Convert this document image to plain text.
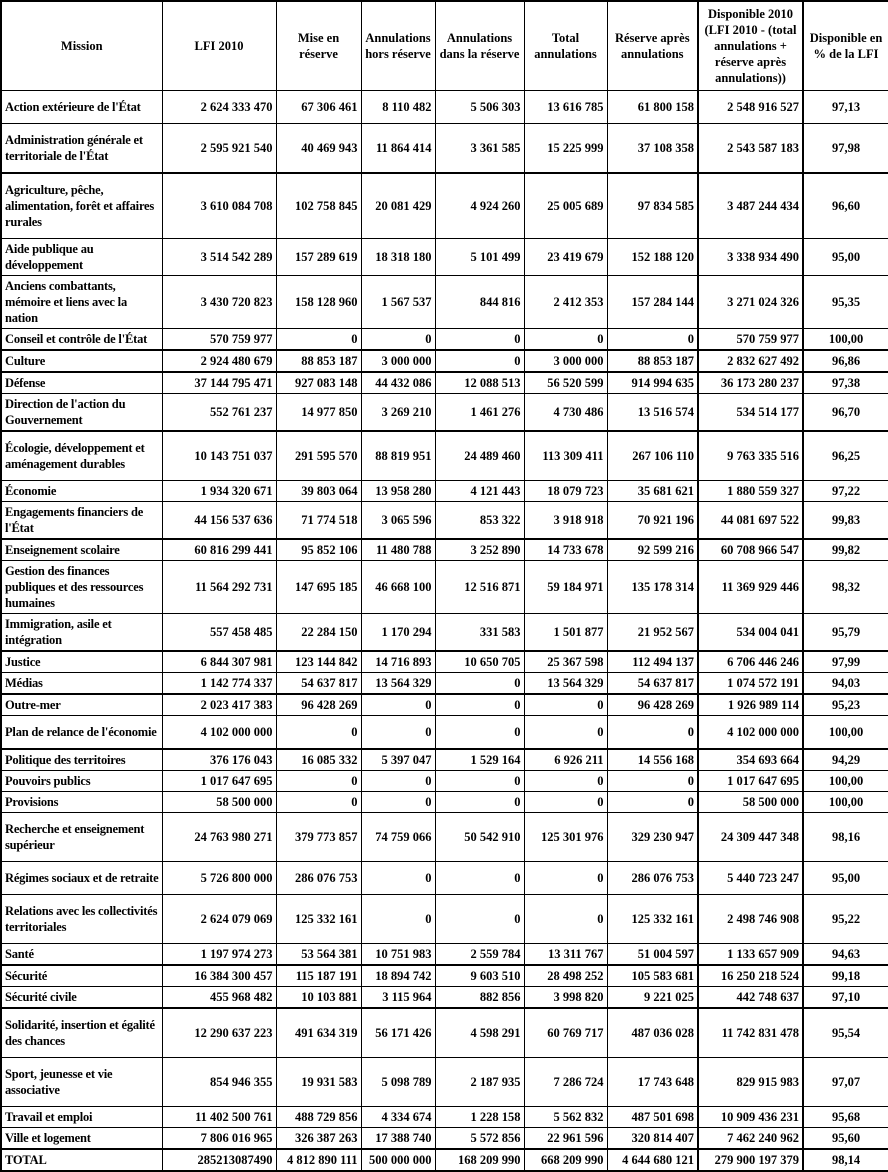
Mission	LFI 2010	Mise en réserve	Annulations hors réserve	Annulations dans la réserve	Total annulations	Réserve après annulations	Disponible 2010 (LFI 2010 - (total annulations + réserve après annulations))	Disponible en % de la LFI
Action extérieure de l'État	2 624 333 470	67 306 461	8 110 482	5 506 303	13 616 785	61 800 158	2 548 916 527	97,13
Administration générale et territoriale de l'État	2 595 921 540	40 469 943	11 864 414	3 361 585	15 225 999	37 108 358	2 543 587 183	97,98
Agriculture, pêche, alimentation, forêt et affaires rurales	3 610 084 708	102 758 845	20 081 429	4 924 260	25 005 689	97 834 585	3 487 244 434	96,60
Aide publique au développement	3 514 542 289	157 289 619	18 318 180	5 101 499	23 419 679	152 188 120	3 338 934 490	95,00
Anciens combattants, mémoire et liens avec la nation	3 430 720 823	158 128 960	1 567 537	844 816	2 412 353	157 284 144	3 271 024 326	95,35
Conseil et contrôle de l'État	570 759 977	0	0	0	0	0	570 759 977	100,00
Culture	2 924 480 679	88 853 187	3 000 000	0	3 000 000	88 853 187	2 832 627 492	96,86
Défense	37 144 795 471	927 083 148	44 432 086	12 088 513	56 520 599	914 994 635	36 173 280 237	97,38
Direction de l'action du Gouvernement	552 761 237	14 977 850	3 269 210	1 461 276	4 730 486	13 516 574	534 514 177	96,70
Écologie, développement et aménagement durables	10 143 751 037	291 595 570	88 819 951	24 489 460	113 309 411	267 106 110	9 763 335 516	96,25
Économie	1 934 320 671	39 803 064	13 958 280	4 121 443	18 079 723	35 681 621	1 880 559 327	97,22
Engagements financiers de l'État	44 156 537 636	71 774 518	3 065 596	853 322	3 918 918	70 921 196	44 081 697 522	99,83
Enseignement scolaire	60 816 299 441	95 852 106	11 480 788	3 252 890	14 733 678	92 599 216	60 708 966 547	99,82
Gestion des finances publiques et des ressources humaines	11 564 292 731	147 695 185	46 668 100	12 516 871	59 184 971	135 178 314	11 369 929 446	98,32
Immigration, asile et intégration	557 458 485	22 284 150	1 170 294	331 583	1 501 877	21 952 567	534 004 041	95,79
Justice	6 844 307 981	123 144 842	14 716 893	10 650 705	25 367 598	112 494 137	6 706 446 246	97,99
Médias	1 142 774 337	54 637 817	13 564 329	0	13 564 329	54 637 817	1 074 572 191	94,03
Outre-mer	2 023 417 383	96 428 269	0	0	0	96 428 269	1 926 989 114	95,23
Plan de relance de l'économie	4 102 000 000	0	0	0	0	0	4 102 000 000	100,00
Politique des territoires	376 176 043	16 085 332	5 397 047	1 529 164	6 926 211	14 556 168	354 693 664	94,29
Pouvoirs publics	1 017 647 695	0	0	0	0	0	1 017 647 695	100,00
Provisions	58 500 000	0	0	0	0	0	58 500 000	100,00
Recherche et enseignement supérieur	24 763 980 271	379 773 857	74 759 066	50 542 910	125 301 976	329 230 947	24 309 447 348	98,16
Régimes sociaux et de retraite	5 726 800 000	286 076 753	0	0	0	286 076 753	5 440 723 247	95,00
Relations avec les collectivités territoriales	2 624 079 069	125 332 161	0	0	0	125 332 161	2 498 746 908	95,22
Santé	1 197 974 273	53 564 381	10 751 983	2 559 784	13 311 767	51 004 597	1 133 657 909	94,63
Sécurité	16 384 300 457	115 187 191	18 894 742	9 603 510	28 498 252	105 583 681	16 250 218 524	99,18
Sécurité civile	455 968 482	10 103 881	3 115 964	882 856	3 998 820	9 221 025	442 748 637	97,10
Solidarité, insertion et égalité des chances	12 290 637 223	491 634 319	56 171 426	4 598 291	60 769 717	487 036 028	11 742 831 478	95,54
Sport, jeunesse et vie associative	854 946 355	19 931 583	5 098 789	2 187 935	7 286 724	17 743 648	829 915 983	97,07
Travail et emploi	11 402 500 761	488 729 856	4 334 674	1 228 158	5 562 832	487 501 698	10 909 436 231	95,68
Ville et logement	7 806 016 965	326 387 263	17 388 740	5 572 856	22 961 596	320 814 407	7 462 240 962	95,60
TOTAL	285213087490	4 812 890 111	500 000 000	168 209 990	668 209 990	4 644 680 121	279 900 197 379	98,14
